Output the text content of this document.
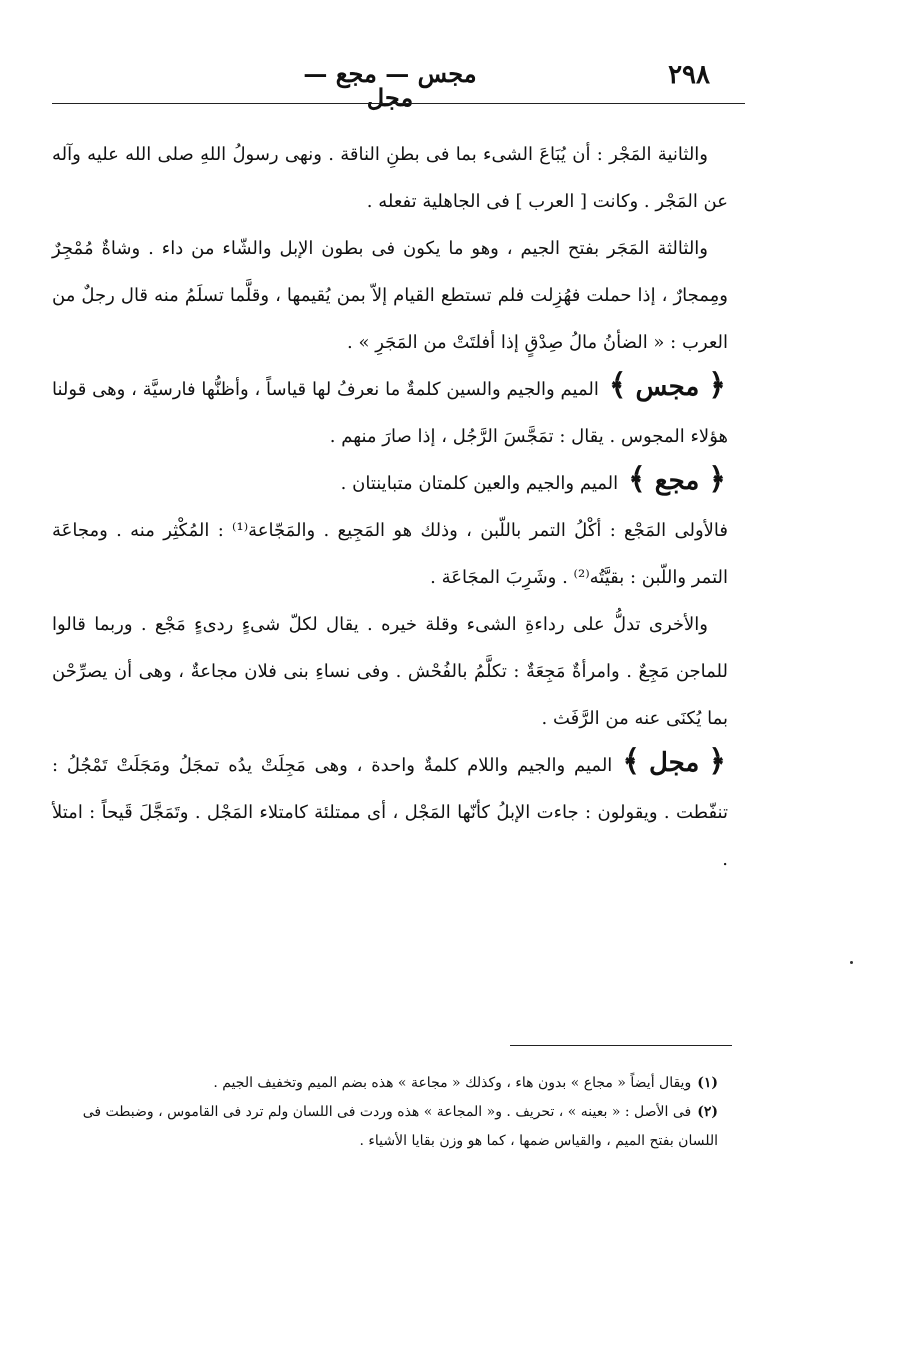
٢٩٨
مجس — مجع — مجل

والثانية المَجْر : أن يُبَاعَ الشىء بما فى بطنِ الناقة . ونهى رسولُ اللهِ صلى الله عليه وآله عن المَجْر . وكانت [ العرب ] فى الجاهلية تفعله .

والثالثة المَجَر بفتح الجيم ، وهو ما يكون فى بطون الإبل والشّاء من داء . وشاةٌ مُمْجِرٌ ومِمجارٌ ، إذا حملت فهُزِلت فلم تستطع القيام إلاّ بمن يُقيمها ، وقلَّما تسلَمُ منه قال رجلٌ من العرب : « الضأنُ مالُ صِدْقٍ إذا أفلتَتْ من المَجَرِ » .

﴿ مجس ﴾الميم والجيم والسين كلمةٌ ما نعرفُ لها قياساً ، وأظنُّها فارسيَّة ، وهى قولنا هؤلاء المجوس . يقال : تمَجَّسَ الرَّجُل ، إذا صارَ منهم .

﴿ مجع ﴾الميم والجيم والعين كلمتان متباينتان .

فالأولى المَجْع : أكْلُ التمر باللّبن ، وذلك هو المَجِيع . والمَجّاعة⁽¹⁾ : المُكْثِر منه . ومجاعَة التمر واللّبن : بقيَّتُه⁽²⁾ . وشَرِبَ المجَاعَة .

والأخرى تدلُّ على رداءةِ الشىء وقلة خيره . يقال لكلّ شىءٍ ردىءٍ مَجْع . وربما قالوا للماجن مَجِعٌ . وامرأةٌ مَجِعَةٌ : تكلَّمُ بالفُحْش . وفى نساءِ بنى فلان مجاعةٌ ، وهى أن يصرِّحْن بما يُكنَى عنه من الرَّفَث .

﴿ مجل ﴾الميم والجيم واللام كلمةٌ واحدة ، وهى مَجِلَتْ يدُه تمجَلُ ومَجَلَتْ تَمْجُلُ : تنفّطت . ويقولون : جاءت الإبلُ كأنّها المَجْل ، أى ممتلئة كامتلاء المَجْل . وتَمَجَّلَ قَيحاً : امتلأ .

(١)ويقال أيضاً « مجاع » بدون هاء ، وكذلك « مجاعة » هذه بضم الميم وتخفيف الجيم .

(٢)فى الأصل : « بعينه » ، تحريف . و« المجاعة » هذه وردت فى اللسان ولم ترد فى القاموس ، وضبطت فى اللسان بفتح الميم ، والقياس ضمها ، كما هو وزن بقايا الأشياء .
